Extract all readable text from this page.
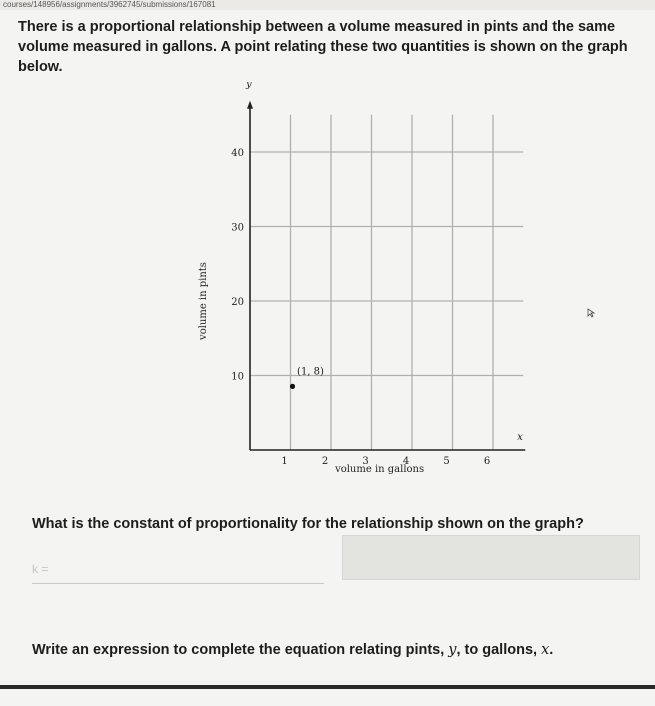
courses/148956/assignments/3962745/submissions/167081
There is a proportional relationship between a volume measured in pints and the same volume measured in gallons. A point relating these two quantities is shown on the graph below.
1	2	3	4	5	6
10
20
30
40
x
y
volume in gallons
volume in pints
(1, 8)
What is the constant of proportionality for the relationship shown on the graph?
k =
Write an expression to complete the equation relating pints, y, to gallons, x.
